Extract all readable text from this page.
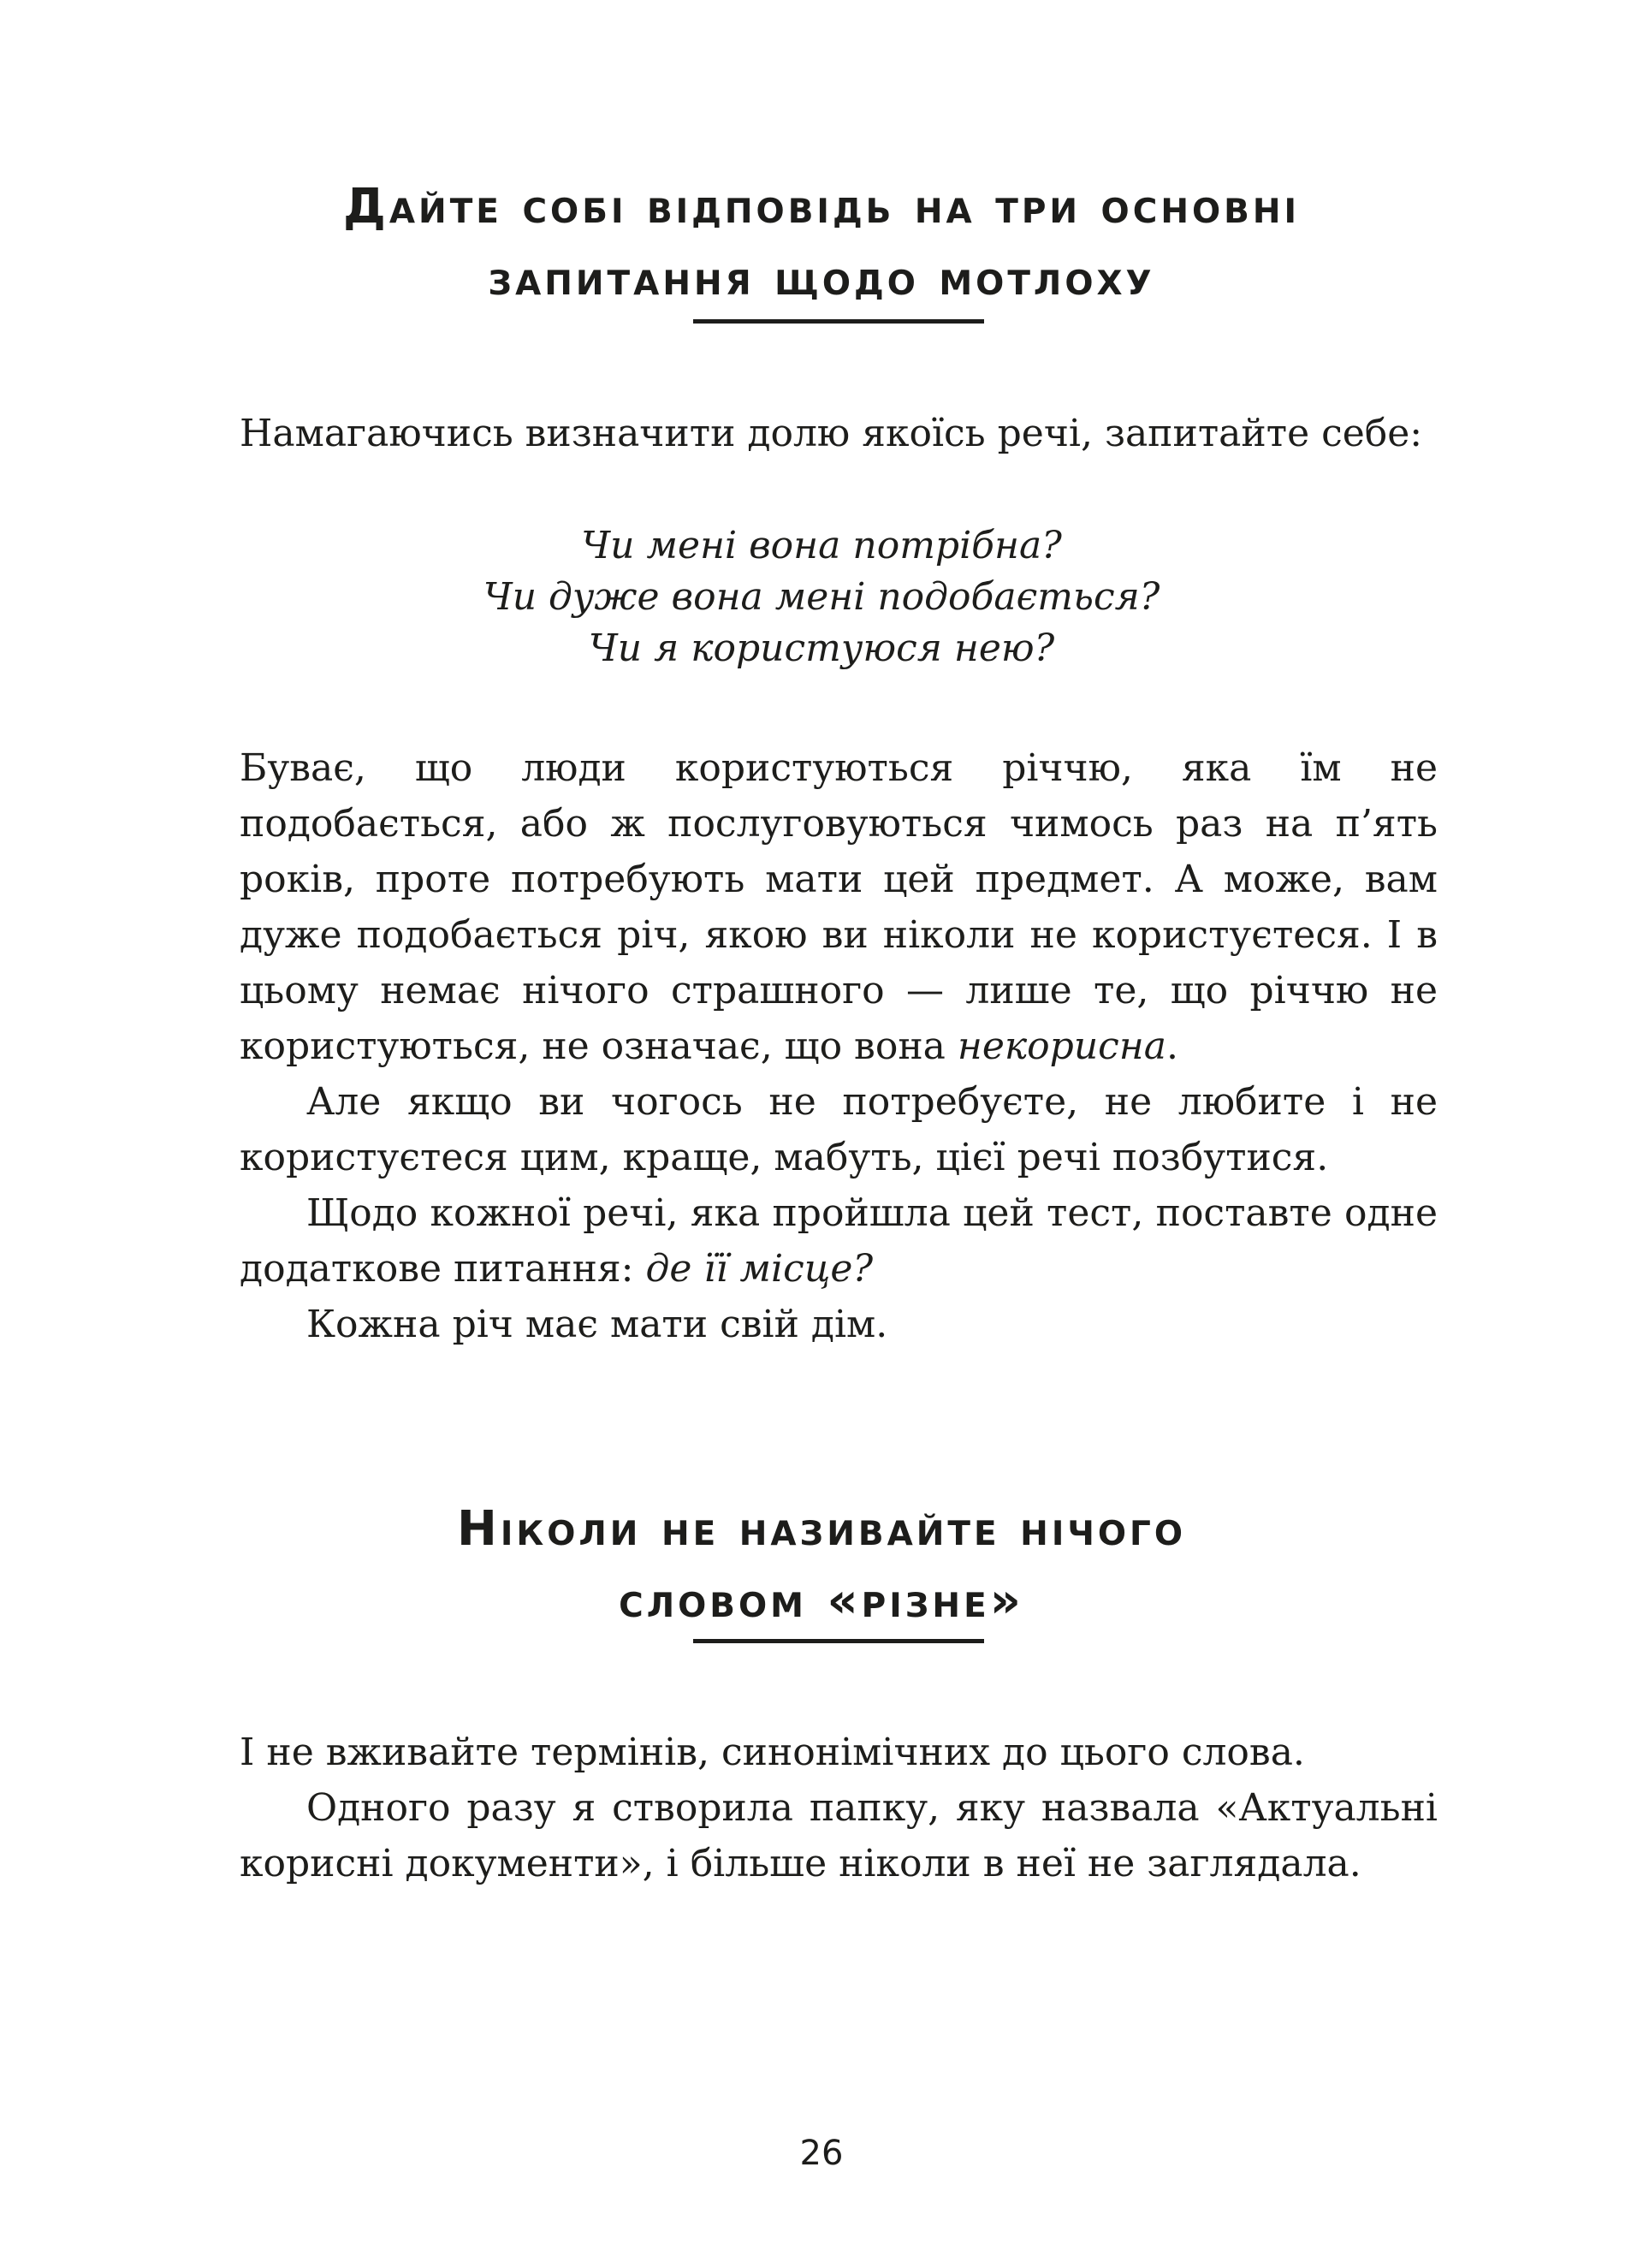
Дайте собі відповідь на три основні
запитання щодо мотлоху

Намагаючись визначити долю якоїсь речі, запитайте себе:

Чи мені вона потрібна?
Чи дуже вона мені подобається?
Чи я користуюся нею?

Буває, що люди користуються річчю, яка їм не подобається, або ж послуговуються чимось раз на п’ять років, проте потребують мати цей предмет. А може, вам дуже подобається річ, якою ви ніколи не користуєтеся. І в цьому немає нічого страшного — лише те, що річчю не користуються, не означає, що вона некорисна.

Але якщо ви чогось не потребуєте, не любите і не користуєтеся цим, краще, мабуть, цієї речі позбутися.

Щодо кожної речі, яка пройшла цей тест, поставте одне додаткове питання: де її місце?

Кожна річ має мати свій дім.

Ніколи не називайте нічого
словом «різне»

І не вживайте термінів, синонімічних до цього слова.

Одного разу я створила папку, яку назвала «Актуальні корисні документи», і більше ніколи в неї не заглядала.

26
